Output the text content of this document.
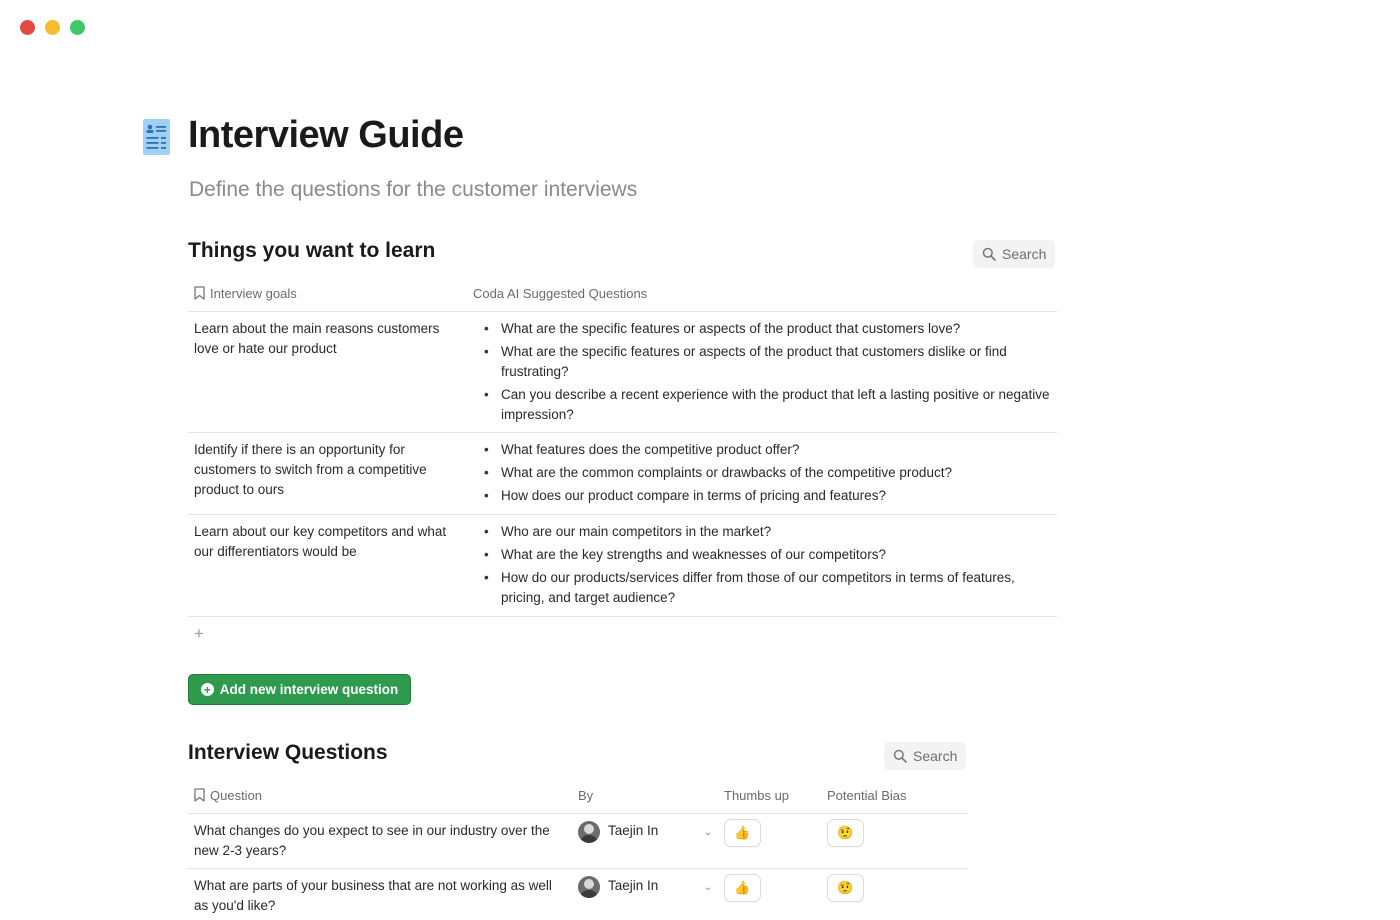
Interview Guide
Define the questions for the customer interviews
Things you want to learn	Search
Interview goals	Coda AI Suggested Questions
Learn about the main reasons customers love or hate our product
• What are the specific features or aspects of the product that customers love?
• What are the specific features or aspects of the product that customers dislike or find frustrating?
• Can you describe a recent experience with the product that left a lasting positive or negative impression?
Identify if there is an opportunity for customers to switch from a competitive product to ours
• What features does the competitive product offer?
• What are the common complaints or drawbacks of the competitive product?
• How does our product compare in terms of pricing and features?
Learn about our key competitors and what our differentiators would be
• Who are our main competitors in the market?
• What are the key strengths and weaknesses of our competitors?
• How do our products/services differ from those of our competitors in terms of features, pricing, and target audience?
+
+ Add new interview question
Interview Questions	Search
Question	By	Thumbs up	Potential Bias
What changes do you expect to see in our industry over the new 2-3 years?
Taejin In	⌄ 👍	🤨
What are parts of your business that are not working as well as you'd like?
Taejin In	⌄ 👍	🤨
